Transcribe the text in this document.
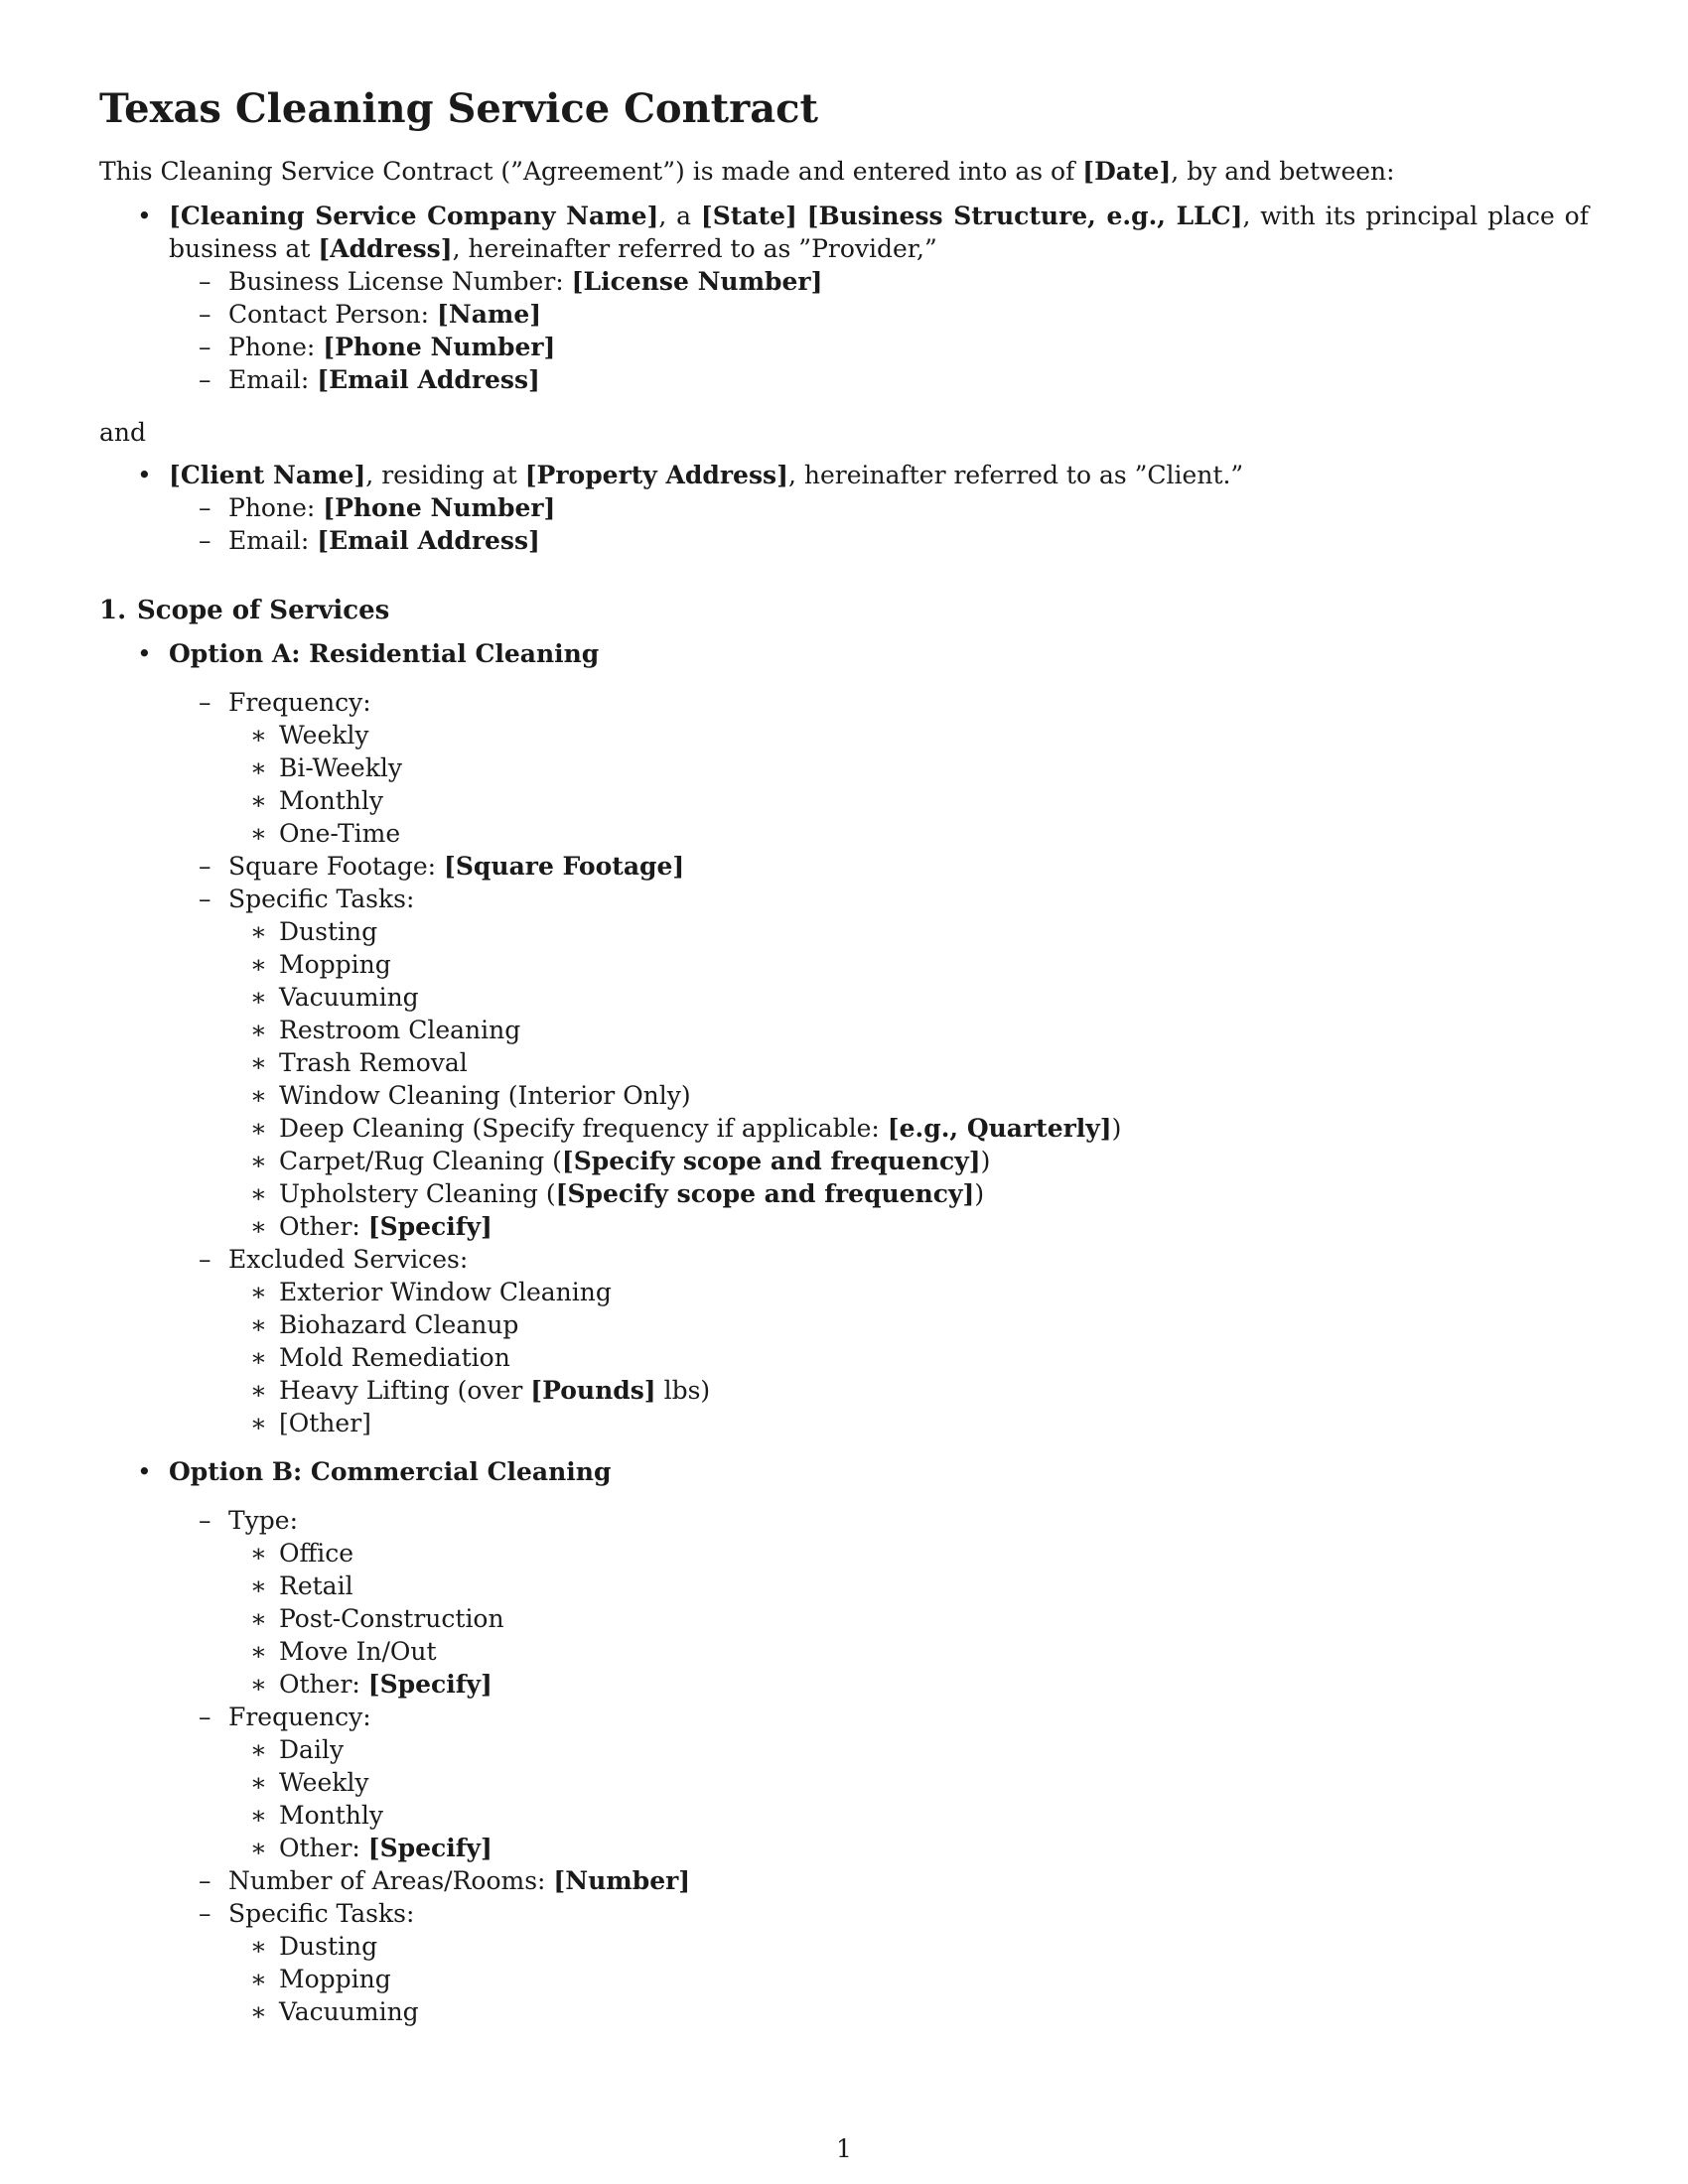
Texas Cleaning Service Contract

This Cleaning Service Contract (”Agreement”) is made and entered into as of [Date], by and between:

• [Cleaning Service Company Name], a [State] [Business Structure, e.g., LLC], with its principal place of business at [Address], hereinafter referred to as ”Provider,”
– Business License Number: [License Number]
– Contact Person: [Name]
– Phone: [Phone Number]
– Email: [Email Address]

and

• [Client Name], residing at [Property Address], hereinafter referred to as ”Client.”
– Phone: [Phone Number]
– Email: [Email Address]
1. Scope of Services
• Option A: Residential Cleaning
– Frequency:
∗ Weekly
∗ Bi-Weekly
∗ Monthly
∗ One-Time
– Square Footage: [Square Footage]
– Specific Tasks:
∗ Dusting
∗ Mopping
∗ Vacuuming
∗ Restroom Cleaning
∗ Trash Removal
∗ Window Cleaning (Interior Only)
∗ Deep Cleaning (Specify frequency if applicable: [e.g., Quarterly])
∗ Carpet/Rug Cleaning ([Specify scope and frequency])
∗ Upholstery Cleaning ([Specify scope and frequency])
∗ Other: [Specify]
– Excluded Services:
∗ Exterior Window Cleaning
∗ Biohazard Cleanup
∗ Mold Remediation
∗ Heavy Lifting (over [Pounds] lbs)
∗ [Other]
• Option B: Commercial Cleaning
– Type:
∗ Office
∗ Retail
∗ Post-Construction
∗ Move In/Out
∗ Other: [Specify]
– Frequency:
∗ Daily
∗ Weekly
∗ Monthly
∗ Other: [Specify]
– Number of Areas/Rooms: [Number]
– Specific Tasks:
∗ Dusting
∗ Mopping
∗ Vacuuming
1
